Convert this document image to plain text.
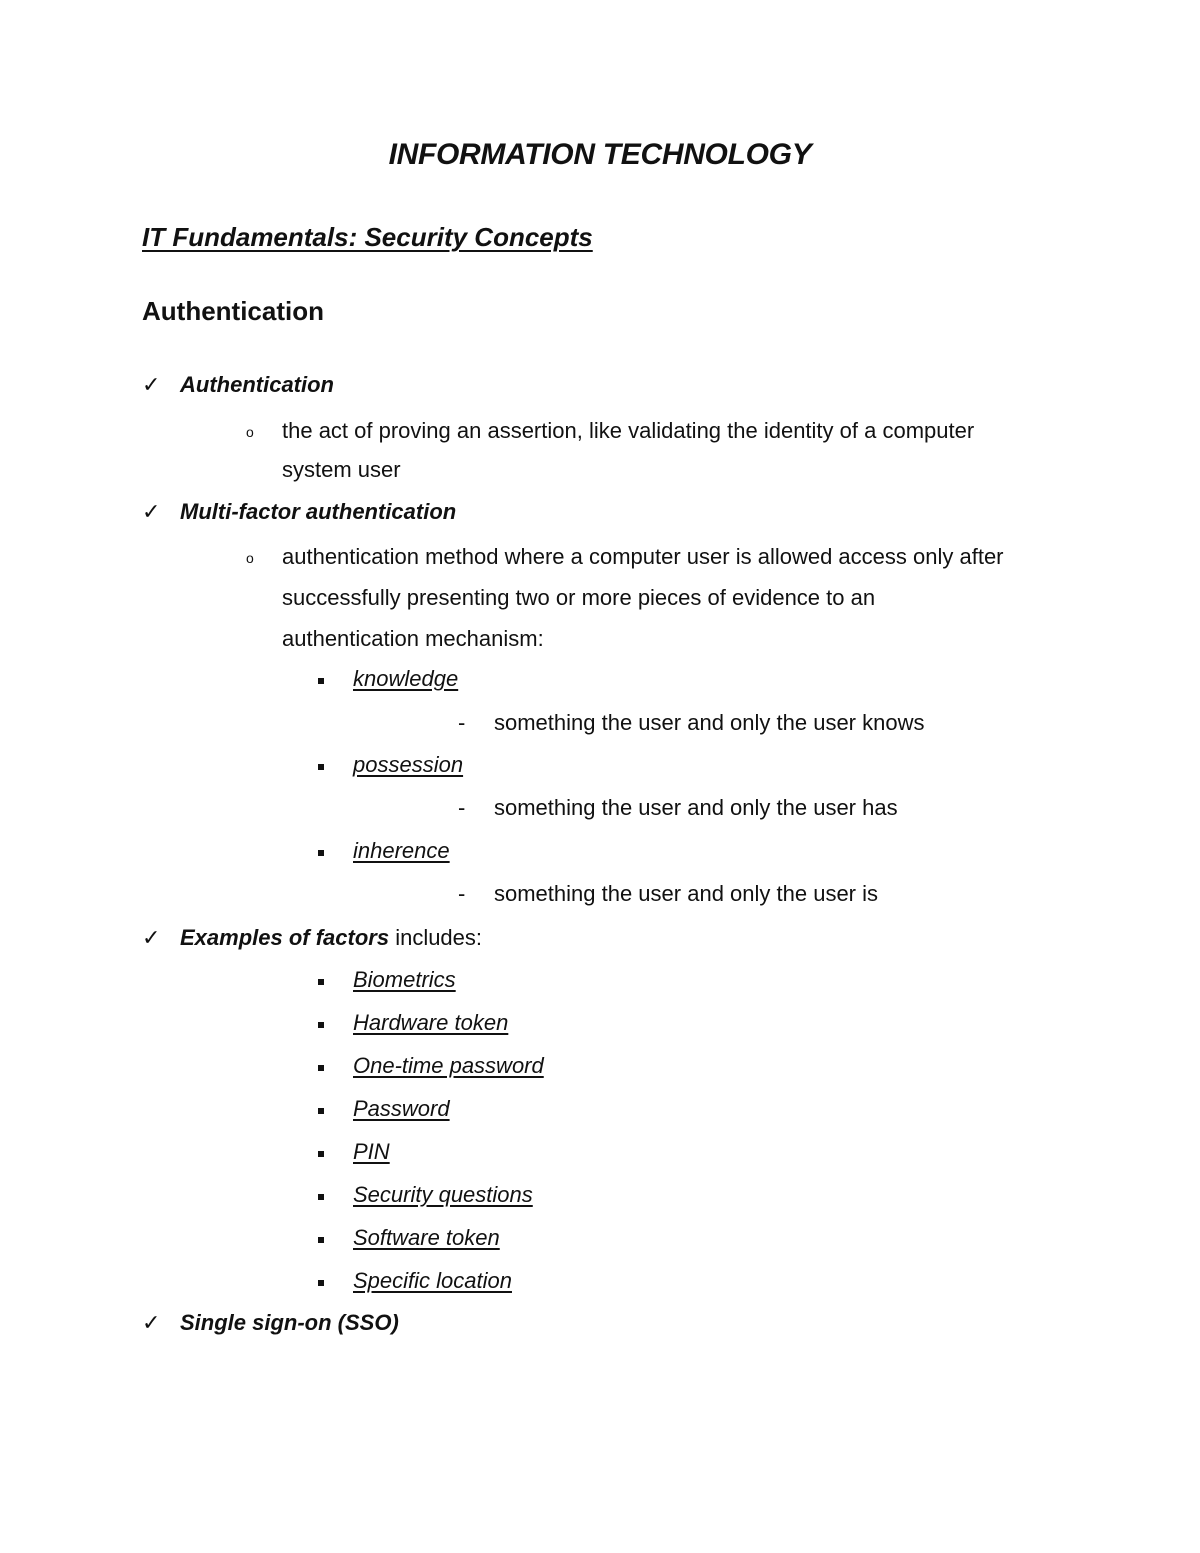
INFORMATION TECHNOLOGY
IT Fundamentals: Security Concepts
Authentication
✓ Authentication
o the act of proving an assertion, like validating the identity of a computer
system user
✓ Multi-factor authentication
o authentication method where a computer user is allowed access only after
successfully presenting two or more pieces of evidence to an
authentication mechanism:
knowledge
- something the user and only the user knows
possession
- something the user and only the user has
inherence
- something the user and only the user is
✓ Examples of factors includes:
Biometrics
Hardware token
One-time password
Password
PIN
Security questions
Software token
Specific location
✓ Single sign-on (SSO)
